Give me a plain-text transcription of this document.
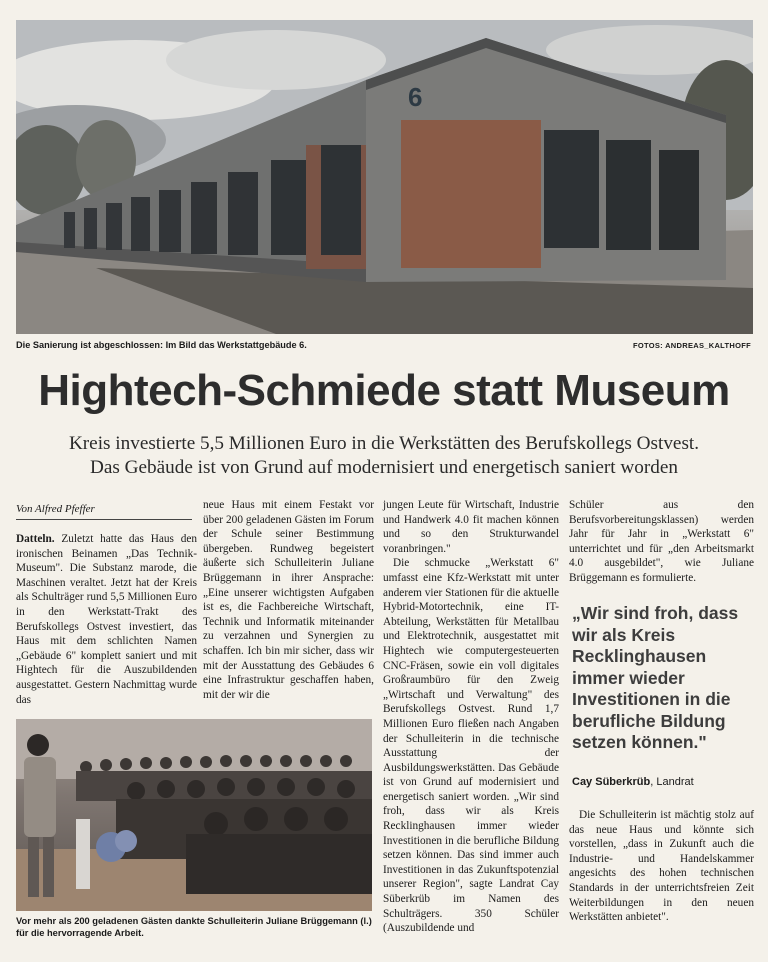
6
Die Sanierung ist abgeschlossen: Im Bild das Werkstattgebäude 6.	FOTOS: ANDREAS_KALTHOFF
Hightech-Schmiede statt Museum
Kreis investierte 5,5 Millionen Euro in die Werkstätten des Berufskollegs Ostvest.
Das Gebäude ist von Grund auf modernisiert und energetisch saniert worden
Von Alfred Pfeffer

Datteln. Zuletzt hatte das Haus den ironischen Beinamen „Das Technik-Museum". Die Substanz marode, die Maschinen veraltet. Jetzt hat der Kreis als Schulträger rund 5,5 Millionen Euro in den Werkstatt-Trakt des Berufskollegs Ostvest investiert, das Haus mit dem schlichten Namen „Gebäude 6" komplett saniert und mit Hightech für die Auszubildenden ausgestattet. Gestern Nachmittag wurde das

neue Haus mit einem Festakt vor über 200 geladenen Gästen im Forum der Schule seiner Bestimmung übergeben. Rundweg begeistert äußerte sich Schulleiterin Juliane Brüggemann in ihrer Ansprache: „Eine unserer wichtigsten Aufgaben ist es, die Fachbereiche Wirtschaft, Technik und Informatik miteinander zu verzahnen und Synergien zu schaffen. Ich bin mir sicher, dass wir mit der Ausstattung des Gebäudes 6 eine Infrastruktur geschaffen haben, mit der wir die

Vor mehr als 200 geladenen Gästen dankte Schulleiterin Juliane Brüggemann (l.) für die hervorragende Arbeit.

jungen Leute für Wirtschaft, Industrie und Handwerk 4.0 fit machen können und so den Strukturwandel voranbringen."

Die schmucke „Werkstatt 6" umfasst eine Kfz-Werkstatt mit unter anderem vier Stationen für die aktuelle Hybrid-Motortechnik, eine IT-Abteilung, Werkstätten für Metallbau und Elektrotechnik, ausgestattet mit Hightech wie computergesteuerten CNC-Fräsen, sowie ein voll digitales Großraumbüro für den Zweig „Wirtschaft und Verwaltung" des Berufskollegs Ostvest. Rund 1,7 Millionen Euro fließen nach Angaben der Schulleiterin in die technische Ausstattung der Ausbildungswerkstätten. Das Gebäude ist von Grund auf modernisiert und energetisch saniert worden. „Wir sind froh, dass wir als Kreis Recklinghausen immer wieder Investitionen in die berufliche Bildung setzen können. Das sind immer auch Investitionen in das Zukunftspotenzial unserer Region", sagte Landrat Cay Süberkrüb im Namen des Schulträgers. 350 Schüler (Auszubildende und

Schüler aus den Berufsvorbereitungsklassen) werden Jahr für Jahr in „Werkstatt 6" unterrichtet und für „den Arbeitsmarkt 4.0 ausgebildet", wie Juliane Brüggemann es formulierte.

„Wir sind froh, dass wir als Kreis Recklinghausen immer wieder Investitionen in die berufliche Bildung setzen können."
Cay Süberkrüb, Landrat

Die Schulleiterin ist mächtig stolz auf das neue Haus und könnte sich vorstellen, „dass in Zukunft auch die Industrie- und Handelskammer angesichts des hohen technischen Standards in der unterrichtsfreien Zeit Weiterbildungen in den neuen Werkstätten anbietet".
